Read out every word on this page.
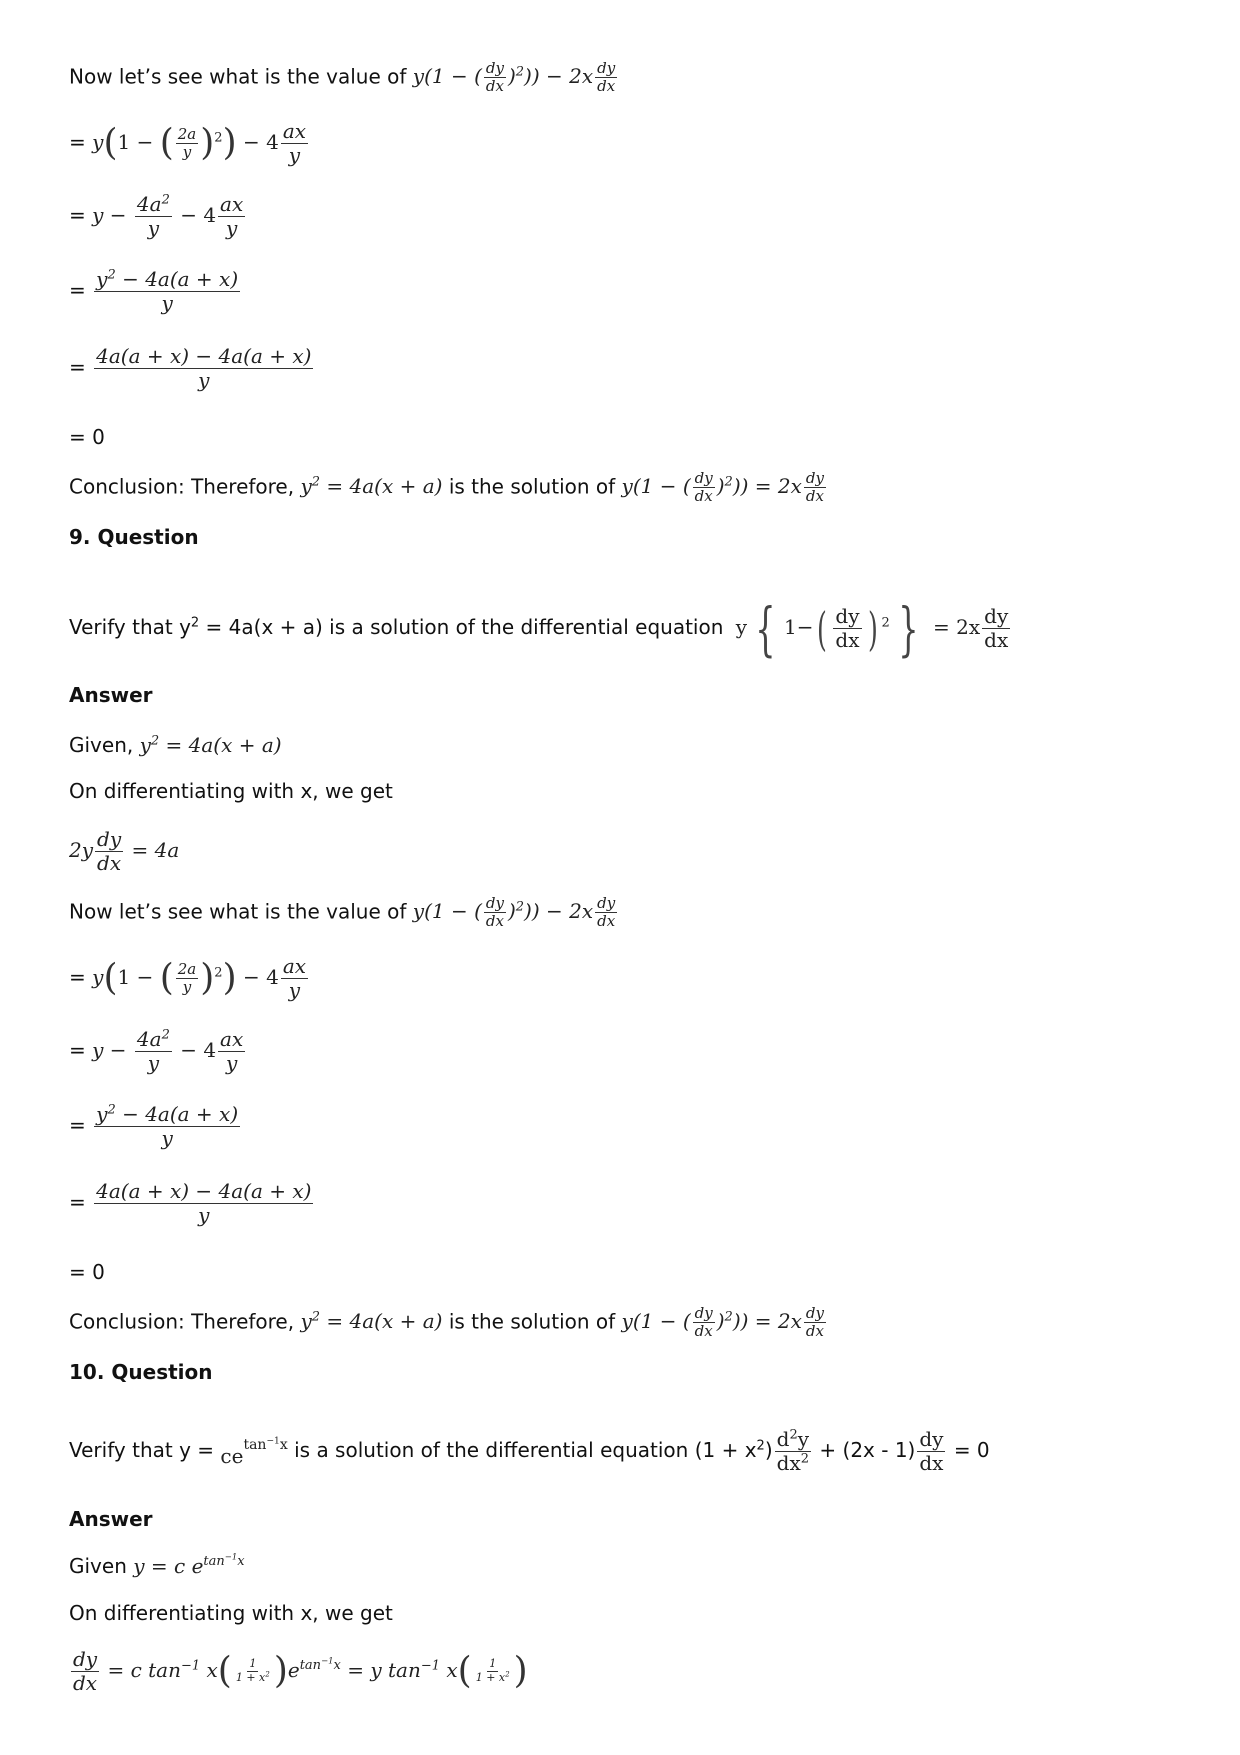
Now let’s see what is the value of y(1 − ( $\frac{dy}{dx} )^2)) - 2x \frac{dy}{dx}$
= y(1 − ( $\frac{2a}{y} )^2) - 4 \frac{ax}{y}$
= $y - \frac{4a^2}{y} - 4 \frac{ax}{y}$
= $\frac{y^2 - 4a(a + x)}{y}$
= $\frac{4a(a + x) - 4a(a + x)}{y}$
= 0
Conclusion: Therefore, $y^2 = 4a(x + a)$ is the solution of y(1 − ( $\frac{dy}{dx} )^2)) = 2x \frac{dy}{dx}$
9. Question
Verify that $y^2 = 4a(x + a)$ is a solution of the differential equation y { $1-( \frac{dy}{dx}$ ) $^2$ } = $2x \frac{dy}{dx}$
Answer
Given, $y^2 = 4a(x + a)$
On differentiating with x, we get
$2y \frac{dy}{dx} = 4a$
Now let’s see what is the value of y(1 − ( $\frac{dy}{dx} )^2)) - 2x \frac{dy}{dx}$
= y(1 − ( $\frac{2a}{y} )^2) - 4 \frac{ax}{y}$
= $y - \frac{4a^2}{y} - 4 \frac{ax}{y}$
= $\frac{y^2 - 4a(a + x)}{y}$
= $\frac{4a(a + x) - 4a(a + x)}{y}$
= 0
Conclusion: Therefore, $y^2 = 4a(x + a)$ is the solution of y(1 − ( $\frac{dy}{dx} )^2)) = 2x \frac{dy}{dx}$
10. Question
Verify that $y = ce^{tan^{-1}x}$ is a solution of the differential equation $(1 + x^2) \frac{d^2y}{dx^2} + (2x - 1) \frac{dy}{dx} = 0$
Answer
Given y = c $e^{tan^{-1}x}$
On differentiating with x, we get
$\frac{dy}{dx} = c$ $\tan^{-1} x( \frac{1}{1 + x^2} )e^{tan^{-1}x} = y$ $\tan^{-1} x( \frac{1}{1 + x^2}$ )
